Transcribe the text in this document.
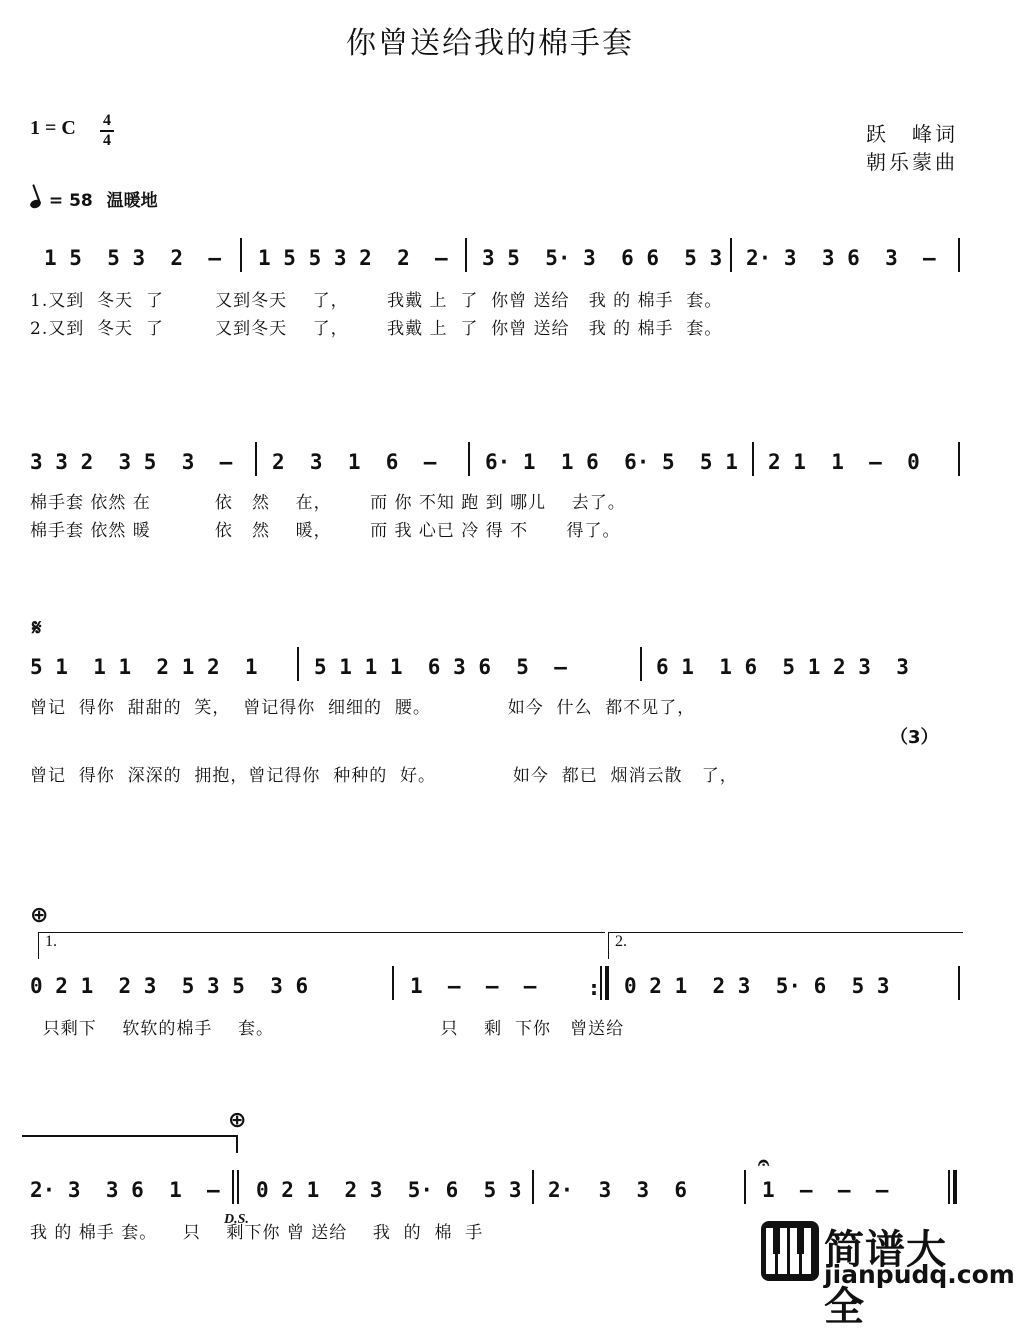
你曾送给我的棉手套
1 = C 4
4	跃　峰词
朝乐蒙曲
= 58 温暖地
1 5  5 3  2  – 1 5 5 3 2  2  – 3 5  5· 3  6 6  5 3 2· 3  3 6  3  –
1.又到  冬天  了        又到冬天    了，      我戴 上  了  你曾 送给   我 的 棉手  套。
2.又到  冬天  了        又到冬天    了，      我戴 上  了  你曾 送给   我 的 棉手  套。
3 3 2  3 5  3  – 2  3  1  6  – 6· 1  1 6  6· 5  5 1 2 1  1  –  0
棉手套 依然 在          依   然    在，      而 你 不知 跑 到 哪儿    去了。
棉手套 依然 暖          依   然    暖，      而 我 心已 冷 得 不      得了。
𝄋
5 1  1 1  2 1 2  1	5 1 1 1  6 3 6  5  –	6 1  1 6  5 1 2 3  3
曾记  得你  甜甜的  笑，  曾记得你  细细的  腰。            如今  什么  都不见了，
（3）
曾记  得你  深深的  拥抱，曾记得你  种种的  好。            如今  都已  烟消云散   了，
⊕
1.	2.
0 2 1  2 3  5 3 5  3 6	1  –  –  –	: 0 2 1  2 3  5· 6  5 3
只剩下    软软的棉手    套。                          只    剩  下你   曾送给
⊕
2· 3  3 6  1  –
D.S.
0 2 1  2 3  5· 6  5 3 2·  3  3  6
𝄐
1  –  –  –
我 的 棉手 套。    只    剩下你 曾 送给    我  的  棉  手	简谱大全
jianpudq.com
